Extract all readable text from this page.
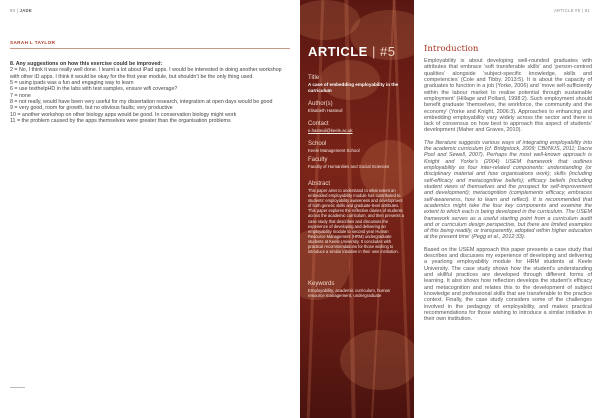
80 | JADE
SARAH L TAYLOR

8. Any suggestions on how this exercise could be improved:

2 = No, I think it was really well done. I learnt a lot about iPad apps. I would be interested in doing another workshop with other iD apps. I think it would be okay for the first year module, but shouldn’t be the only thing used.

5 = using ipads was a fun and engaging way to learn

6 = use texthelpHD in the labs with test samples, ensure wifi coverage?

7 = none

8 = not really, would have been very useful for my dissertation research, integration at open days would be good

9 = very good, room for growth, but no obvious faults; very productive

10 = another workshop on other biology apps would be good. In conservation biology might work

11 = the problem caused by the apps themselves were greater than the organisation problems

ARTICLE #5 | 81
ARTICLE | #5
Title
A case of embedding employability in the curriculum
Author(s)
Elisabeth Hasteuil
Contact
e.hasteuil@keele.ac.uk
School
Keele Management School
Faculty
Faculty of Humanities and Social Sciences
Abstract
This paper aims to understand to what extent an embedded employability module has contributed to students’ employability awareness and development of both generic skills and graduate-level attributes. This paper explores the reflective diaries of students across the academic curriculum, and then presents a case study that describes and discusses the experience of developing and delivering an employability module to second year Human Resource Management (HRM) undergraduate students at Keele University. It concludes with practical recommendations for those wishing to introduce a similar initiative in their own institution.
Keywords
Employability, academic curriculum, human resource management, undergraduate
Introduction

Employability is about developing well-rounded graduates with attributes that embrace ‘soft transferable skills’ and ‘person-centred qualities’ alongside ‘subject-specific knowledge, skills and competencies’ (Cole and Tibby, 2013:5). It is about the capacity of graduates to function in a job (Yorke, 2006) and ‘move self-sufficiently within the labour market to realise potential through sustainable employment’ (Hillage and Pollard, 1998:2). Such employment should benefit graduate ‘themselves, the workforce, the community and the economy’ (Yorke and Knight, 2006:3). Approaches to enhancing and embedding employability vary widely across the sector and there is lack of consensus on how best to approach this aspect of students’ development (Maher and Graves, 2010).

The literature suggests various ways of integrating employability into the academic curriculum (cf. Bridgstock, 2009; CBI/NUS, 2011; Dacre Pool and Sewell, 2007). Perhaps the most well-known approach is Knight and Yorke’s (2004) USEM framework that outlines employability as four inter-related components: understanding (or disciplinary material and how organisations work); skills (including self-efficacy and metacognitive beliefs); efficacy beliefs (including student views of themselves and the prospect for self-improvement and development); metacognition (complements efficacy, embraces self-awareness, how to learn and reflect). It is recommended that academics might take the four key components and examine the extent to which each is being developed in the curriculum. The USEM framework serves as a useful starting point from a curriculum audit and or curriculum design perspective, but there are limited examples of this being readily, or transparently, adopted within higher education at the present time’ (Pegg et al., 2012:33).

Based on the USEM approach this paper presents a case study that describes and discusses my experience of developing and delivering a yearlong employability module for HRM students at Keele University. The case study shows how the student’s understanding and skillful practices are developed through different forms of learning. It also shows how reflection develops the student’s efficacy and metacognition and relates this to the development of subject knowledge and professional skills that are transferable to the practice context. Finally, the case study considers some of the challenges involved in the pedagogy of employability, and makes practical recommendations for those wishing to introduce a similar initiative in their own institution.
